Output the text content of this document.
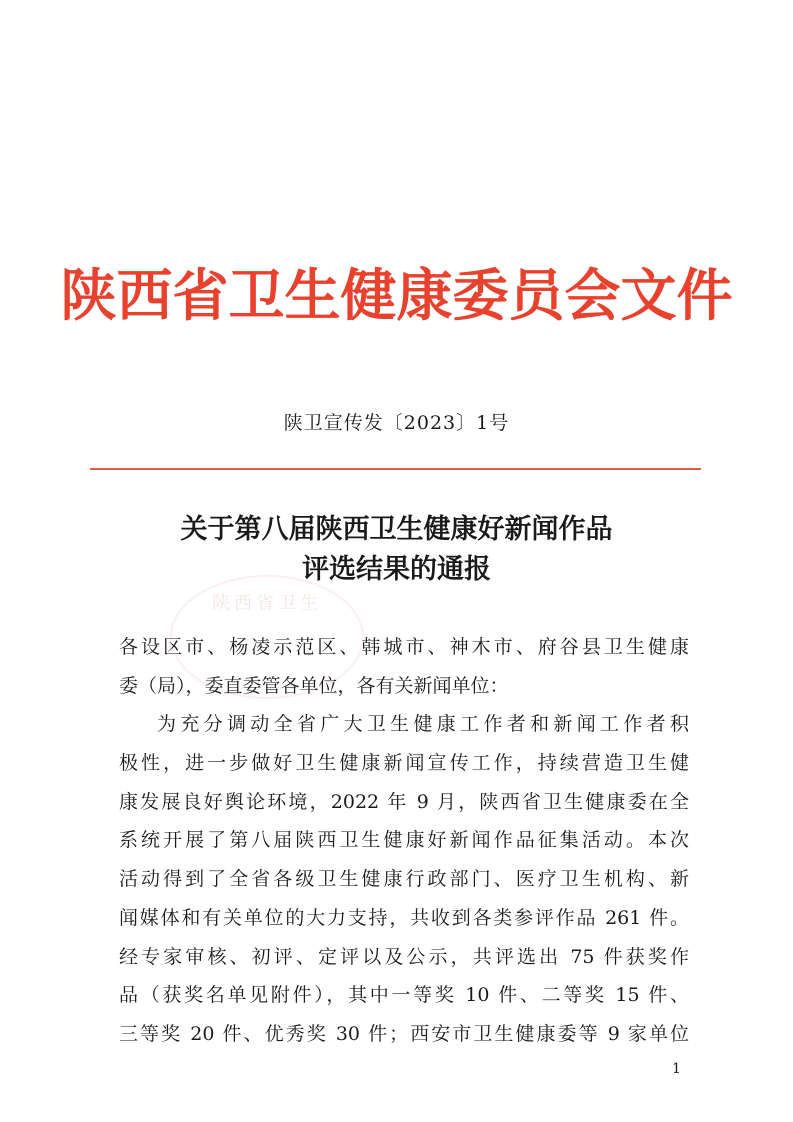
陕西省卫生健康委员会文件
陕卫宣传发〔2023〕1号
陕西省卫生
关于第八届陕西卫生健康好新闻作品
评选结果的通报
各设区市、杨凌示范区、韩城市、神木市、府谷县卫生健康
委（局），委直委管各单位，各有关新闻单位：
为充分调动全省广大卫生健康工作者和新闻工作者积
极性，进一步做好卫生健康新闻宣传工作，持续营造卫生健
康发展良好舆论环境，2022 年 9 月，陕西省卫生健康委在全
系统开展了第八届陕西卫生健康好新闻作品征集活动。本次
活动得到了全省各级卫生健康行政部门、医疗卫生机构、新
闻媒体和有关单位的大力支持，共收到各类参评作品 261 件。
经专家审核、初评、定评以及公示，共评选出 75 件获奖作
品（获奖名单见附件），其中一等奖 10 件、二等奖 15 件、
三等奖 20 件、优秀奖 30 件；西安市卫生健康委等 9 家单位
1
